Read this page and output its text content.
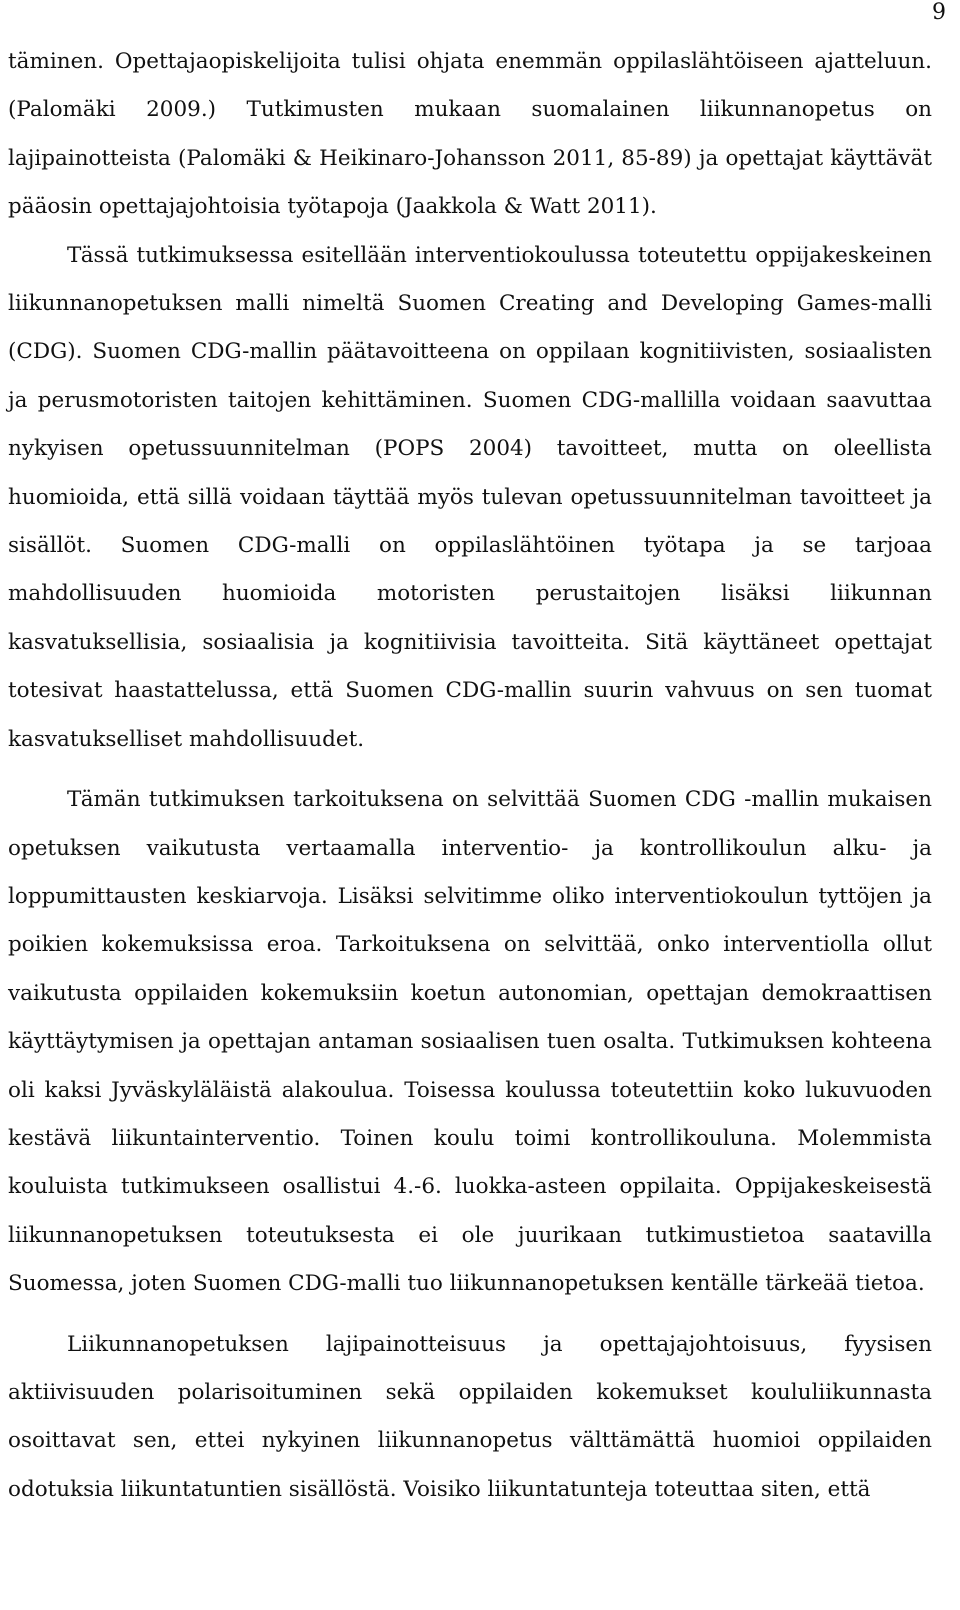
9

täminen. Opettajaopiskelijoita tulisi ohjata enemmän oppilaslähtöiseen ajatteluun. (Palomäki 2009.) Tutkimusten mukaan suomalainen liikunnanopetus on lajipainotteista (Palomäki & Heikinaro-Johansson 2011, 85-89) ja opettajat käyttävät pääosin opettajajohtoisia työtapoja (Jaakkola & Watt 2011).

Tässä tutkimuksessa esitellään interventiokoulussa toteutettu oppijakeskeinen liikunnanopetuksen malli nimeltä Suomen Creating and Developing Games-malli (CDG). Suomen CDG-mallin päätavoitteena on oppilaan kognitiivisten, sosiaalisten ja perusmotoristen taitojen kehittäminen. Suomen CDG-mallilla voidaan saavuttaa nykyisen opetussuunnitelman (POPS 2004) tavoitteet, mutta on oleellista huomioida, että sillä voidaan täyttää myös tulevan opetussuunnitelman tavoitteet ja sisällöt. Suomen CDG-malli on oppilaslähtöinen työtapa ja se tarjoaa mahdollisuuden huomioida motoristen perustaitojen lisäksi liikunnan kasvatuksellisia, sosiaalisia ja kognitiivisia tavoitteita. Sitä käyttäneet opettajat totesivat haastattelussa, että Suomen CDG-mallin suurin vahvuus on sen tuomat kasvatukselliset mahdollisuudet.

Tämän tutkimuksen tarkoituksena on selvittää Suomen CDG -mallin mukaisen opetuksen vaikutusta vertaamalla interventio- ja kontrollikoulun alku- ja loppumittausten keskiarvoja. Lisäksi selvitimme oliko interventiokoulun tyttöjen ja poikien kokemuksissa eroa. Tarkoituksena on selvittää, onko interventiolla ollut vaikutusta oppilaiden kokemuksiin koetun autonomian, opettajan demokraattisen käyttäytymisen ja opettajan antaman sosiaalisen tuen osalta. Tutkimuksen kohteena oli kaksi Jyväskyläläistä alakoulua. Toisessa koulussa toteutettiin koko lukuvuoden kestävä liikuntainterventio. Toinen koulu toimi kontrollikouluna. Molemmista kouluista tutkimukseen osallistui 4.-6. luokka-asteen oppilaita. Oppijakeskeisestä liikunnanopetuksen toteutuksesta ei ole juurikaan tutkimustietoa saatavilla Suomessa, joten Suomen CDG-malli tuo liikunnanopetuksen kentälle tärkeää tietoa.

Liikunnanopetuksen lajipainotteisuus ja opettajajohtoisuus, fyysisen aktiivisuuden polarisoituminen sekä oppilaiden kokemukset koululiikunnasta osoittavat sen, ettei nykyinen liikunnanopetus välttämättä huomioi oppilaiden odotuksia liikuntatuntien sisällöstä. Voisiko liikuntatunteja toteuttaa siten, että
